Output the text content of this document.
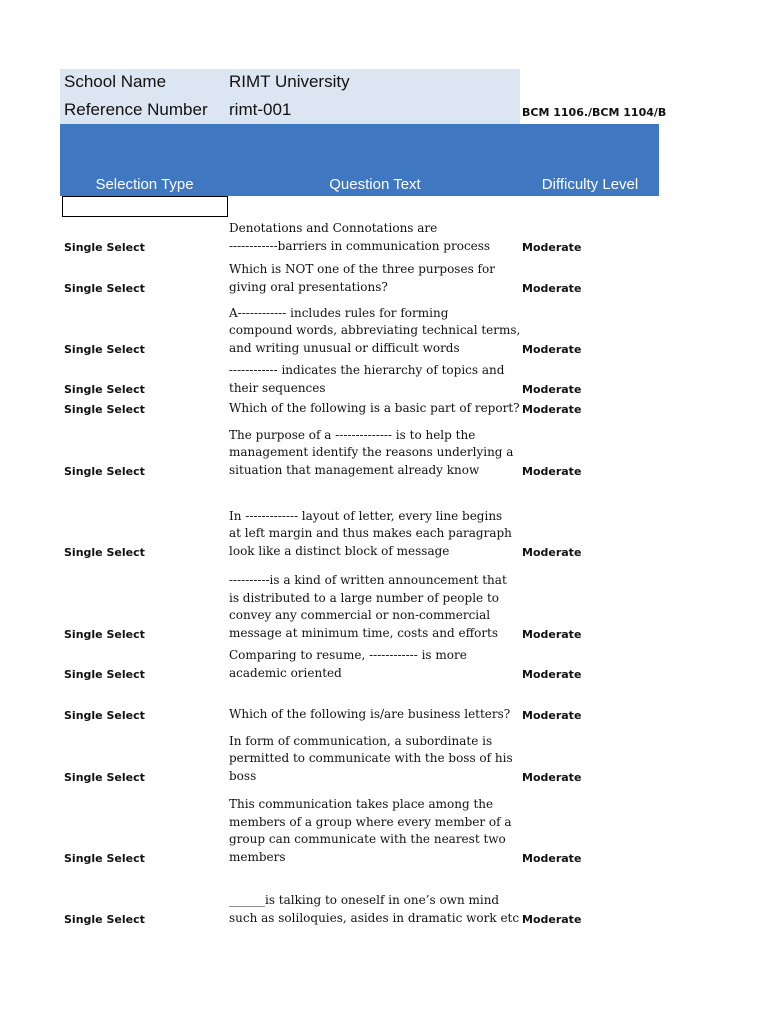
School Name	RIMT University
Reference Number rimt-001	BCM 1106./BCM 1104/B
Selection Type	Question Text	Difficulty Level
Single Select
Denotations and Connotations are
------------barriers in communication process	Moderate
Single Select
Which is NOT one of the three purposes for
giving oral presentations?	Moderate
Single Select
A------------ includes rules for forming
compound words, abbreviating technical terms,
and writing unusual or difficult words	Moderate
Single Select
------------ indicates the hierarchy of topics and
their sequences	Moderate
Single Select	Which of the following is a basic part of report? Moderate
Single Select
The purpose of a -------------- is to help the
management identify the reasons underlying a
situation that management already know	Moderate
Single Select
In ------------- layout of letter, every line begins
at left margin and thus makes each paragraph
look like a distinct block of message	Moderate
Single Select
----------is a kind of written announcement that
is distributed to a large number of people to
convey any commercial or non-commercial
message at minimum time, costs and efforts	Moderate
Single Select
Comparing to resume, ------------ is more
academic oriented	Moderate
Single Select	Which of the following is/are business letters?	Moderate
Single Select
In form of communication, a subordinate is
permitted to communicate with the boss of his
boss	Moderate
Single Select
This communication takes place among the
members of a group where every member of a
group can communicate with the nearest two
members	Moderate
Single Select
______is talking to oneself in one’s own mind
such as soliloquies, asides in dramatic work etc Moderate
